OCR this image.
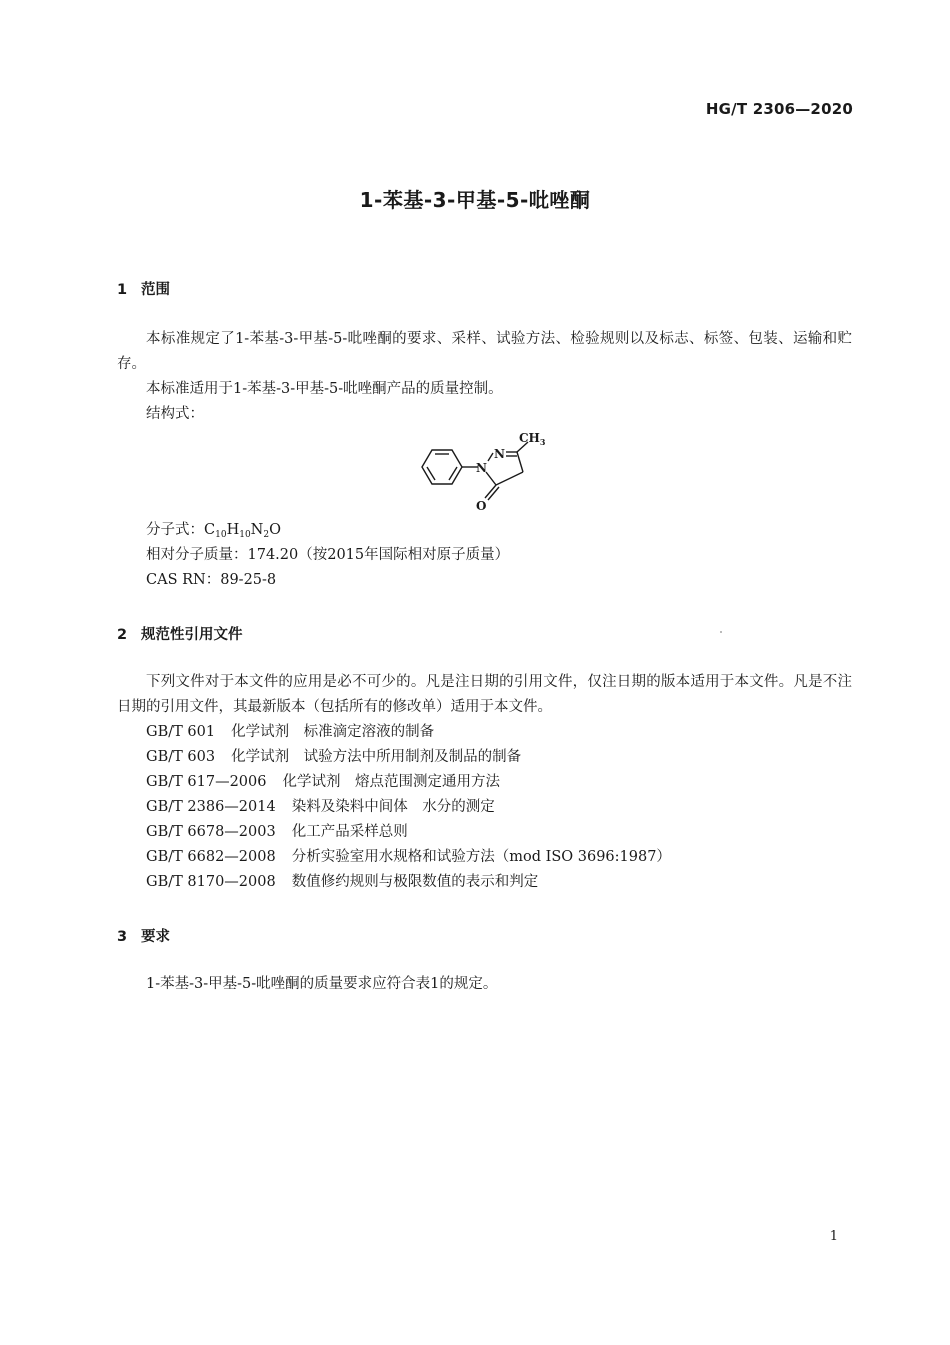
HG/T 2306—2020
1-苯基-3-甲基-5-吡唑酮
1 范围

本标准规定了1-苯基-3-甲基-5-吡唑酮的要求、采样、试验方法、检验规则以及标志、标签、包装、运输和贮存。

本标准适用于1-苯基-3-甲基-5-吡唑酮产品的质量控制。

结构式：

N
N
O
$CH_3$

分子式：$C_{10}H_{10}N_2O$

相对分子质量：174.20（按2015年国际相对原子质量）

CAS RN：89-25-8

2 规范性引用文件

下列文件对于本文件的应用是必不可少的。凡是注日期的引用文件，仅注日期的版本适用于本文件。凡是不注日期的引用文件，其最新版本（包括所有的修改单）适用于本文件。

GB/T 601 化学试剂　标准滴定溶液的制备
GB/T 603 化学试剂　试验方法中所用制剂及制品的制备
GB/T 617—2006 化学试剂　熔点范围测定通用方法
GB/T 2386—2014 染料及染料中间体　水分的测定
GB/T 6678—2003 化工产品采样总则
GB/T 6682—2008 分析实验室用水规格和试验方法（mod ISO 3696:1987）
GB/T 8170—2008 数值修约规则与极限数值的表示和判定
3 要求

1-苯基-3-甲基-5-吡唑酮的质量要求应符合表1的规定。

1
